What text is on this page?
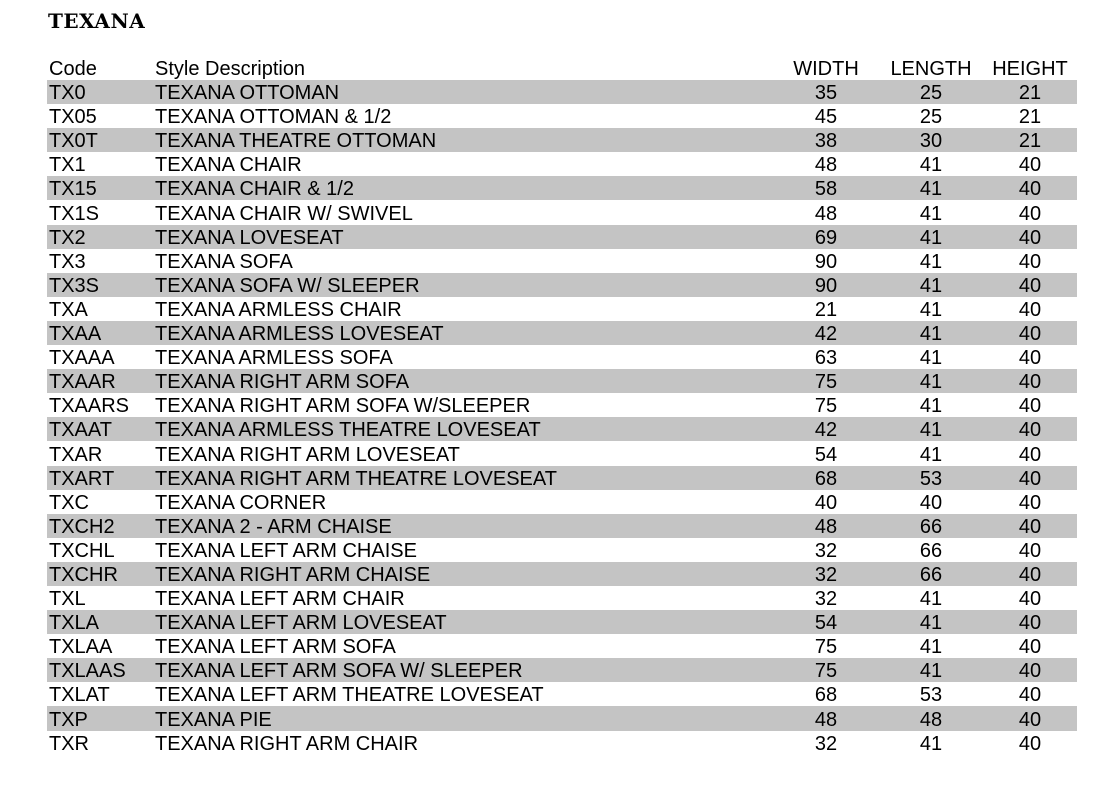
TEXANA
Code	Style Description	WIDTH	LENGTH	HEIGHT
TX0	TEXANA OTTOMAN	35	25	21
TX05	TEXANA OTTOMAN & 1/2	45	25	21
TX0T	TEXANA THEATRE OTTOMAN	38	30	21
TX1	TEXANA CHAIR	48	41	40
TX15	TEXANA CHAIR & 1/2	58	41	40
TX1S	TEXANA CHAIR W/ SWIVEL	48	41	40
TX2	TEXANA LOVESEAT	69	41	40
TX3	TEXANA SOFA	90	41	40
TX3S	TEXANA SOFA W/ SLEEPER	90	41	40
TXA	TEXANA ARMLESS CHAIR	21	41	40
TXAA	TEXANA ARMLESS LOVESEAT	42	41	40
TXAAA	TEXANA ARMLESS SOFA	63	41	40
TXAAR	TEXANA RIGHT ARM SOFA	75	41	40
TXAARS	TEXANA RIGHT ARM SOFA W/SLEEPER	75	41	40
TXAAT	TEXANA ARMLESS THEATRE LOVESEAT	42	41	40
TXAR	TEXANA RIGHT ARM LOVESEAT	54	41	40
TXART	TEXANA RIGHT ARM THEATRE LOVESEAT	68	53	40
TXC	TEXANA CORNER	40	40	40
TXCH2	TEXANA 2 - ARM CHAISE	48	66	40
TXCHL	TEXANA LEFT ARM CHAISE	32	66	40
TXCHR	TEXANA RIGHT ARM CHAISE	32	66	40
TXL	TEXANA LEFT ARM CHAIR	32	41	40
TXLA	TEXANA LEFT ARM LOVESEAT	54	41	40
TXLAA	TEXANA LEFT ARM SOFA	75	41	40
TXLAAS	TEXANA LEFT ARM SOFA W/ SLEEPER	75	41	40
TXLAT	TEXANA LEFT ARM THEATRE LOVESEAT	68	53	40
TXP	TEXANA PIE	48	48	40
TXR	TEXANA RIGHT ARM CHAIR	32	41	40
